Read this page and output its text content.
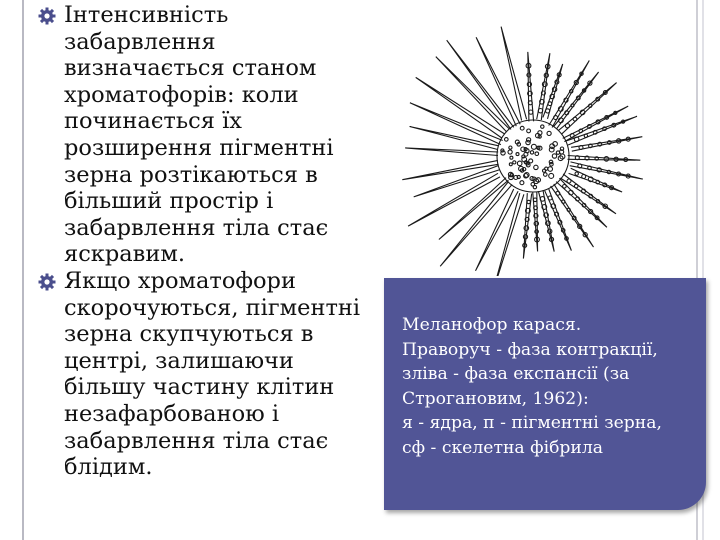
Інтенсивність
забарвлення
визначається станом
хроматофорів: коли
починається їх
розширення пігментні
зерна розтікаються в
більший простір і
забарвлення тіла стає
яскравим.
Якщо хроматофори
скорочуються, пігментні
зерна скупчуються в
центрі, залишаючи
більшу частину клітин
незафарбованою і
забарвлення тіла стає
блідим.
Меланофор карася.
Праворуч - фаза контракції,
зліва - фаза експансії (за
Строгановим, 1962):
я - ядра, п - пігментні зерна,
сф - скелетна фібрила
